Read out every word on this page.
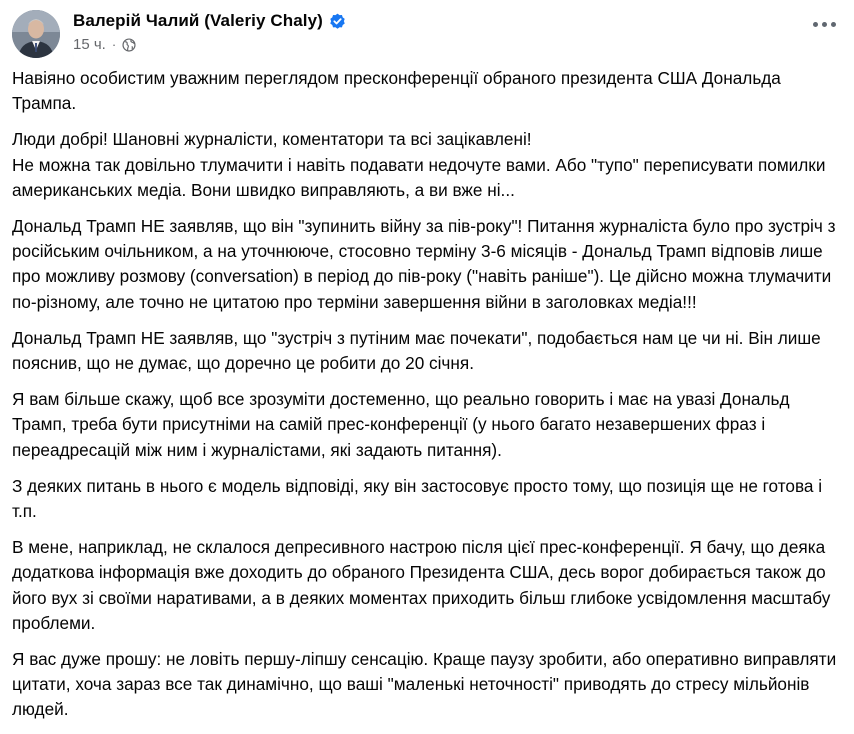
Валерій Чалий (Valeriy Chaly)
15 ч. ·

Навіяно особистим уважним переглядом пресконференції обраного президента США Дональда Трампа.

Люди добрі! Шановні журналісти, коментатори та всі зацікавлені!
Не можна так довільно тлумачити і навіть подавати недочуте вами. Або "тупо" переписувати помилки американських медіа. Вони швидко виправляють, а ви вже ні...

Дональд Трамп НЕ заявляв, що він "зупинить війну за пів-року"! Питання журналіста було про зустріч з російським очільником, а на уточнююче, стосовно терміну 3-6 місяців - Дональд Трамп відповів лише про можливу розмову (conversation) в період до пів-року ("навіть раніше"). Це дійсно можна тлумачити по-різному, але точно не цитатою про терміни завершення війни в заголовках медіа!!!

Дональд Трамп НЕ заявляв, що "зустріч з путіним має почекати", подобається нам це чи ні. Він лише пояснив, що не думає, що доречно це робити до 20 січня.

Я вам більше скажу, щоб все зрозуміти достеменно, що реально говорить і має на увазі Дональд Трамп, треба бути присутніми на самій прес-конференції (у нього багато незавершених фраз і переадресацій між ним і журналістами, які задають питання).

З деяких питань в нього є модель відповіді, яку він застосовує просто тому, що позиція ще не готова і т.п.

В мене, наприклад, не склалося депресивного настрою після цієї прес-конференції. Я бачу, що деяка додаткова інформація вже доходить до обраного Президента США, десь ворог добирається також до його вух зі своїми наративами, а в деяких моментах приходить більш глибоке усвідомлення масштабу проблеми.

Я вас дуже прошу: не ловіть першу-ліпшу сенсацію. Краще паузу зробити, або оперативно виправляти цитати, хоча зараз все так динамічно, що ваші "маленькі неточності" приводять до стресу мільйонів людей.
